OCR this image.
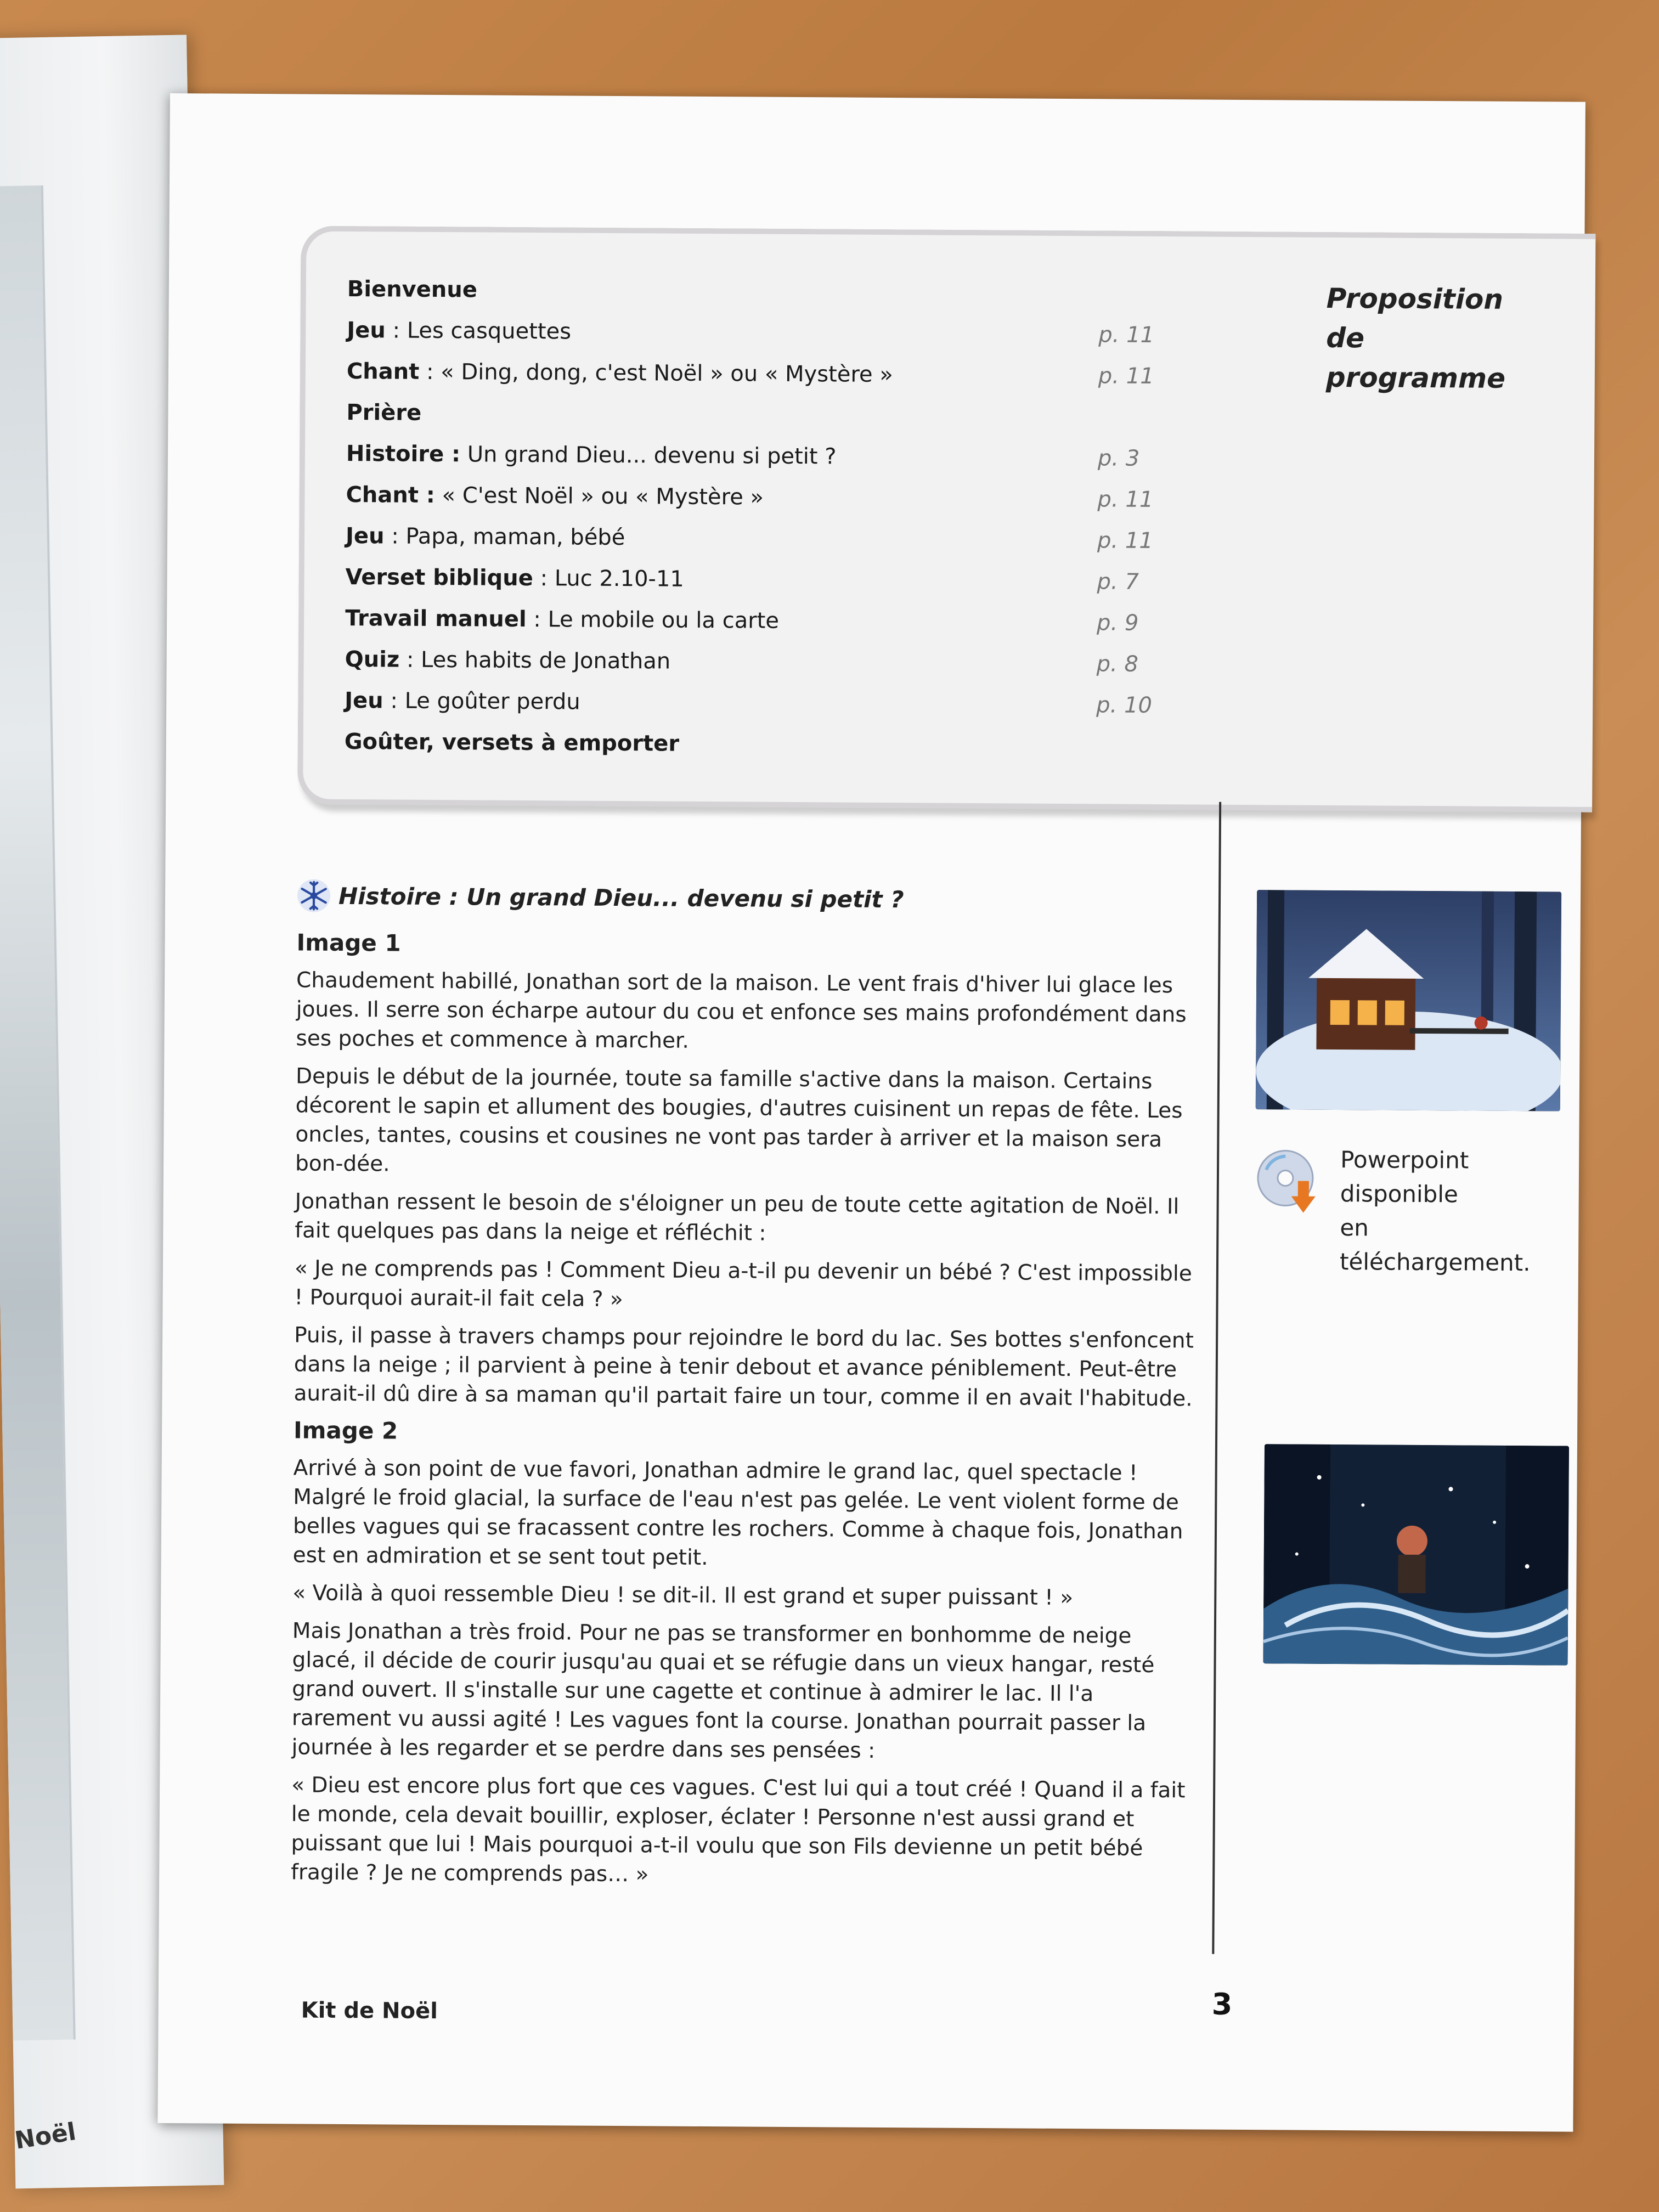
Noël
Bienvenue
Jeu : Les casquettes	p. 11
Chant : « Ding, dong, c'est Noël » ou « Mystère »	p. 11
Prière
Histoire : Un grand Dieu... devenu si petit ?	p. 3
Chant : « C'est Noël » ou « Mystère »	p. 11
Jeu : Papa, maman, bébé	p. 11
Verset biblique : Luc 2.10-11	p. 7
Travail manuel : Le mobile ou la carte	p. 9
Quiz : Les habits de Jonathan	p. 8
Jeu : Le goûter perdu	p. 10
Goûter, versets à emporter
Proposition
de programme
Histoire : Un grand Dieu... devenu si petit ?
Image 1

Chaudement habillé, Jonathan sort de la maison. Le vent frais d'hiver lui glace les joues. Il serre son écharpe autour du cou et enfonce ses mains profondément dans ses poches et commence à marcher.

Depuis le début de la journée, toute sa famille s'active dans la maison. Certains décorent le sapin et allument des bougies, d'autres cuisinent un repas de fête. Les oncles, tantes, cousins et cousines ne vont pas tarder à arriver et la maison sera bon-dée.

Jonathan ressent le besoin de s'éloigner un peu de toute cette agitation de Noël. Il fait quelques pas dans la neige et réfléchit :

« Je ne comprends pas ! Comment Dieu a-t-il pu devenir un bébé ? C'est impossible ! Pourquoi aurait-il fait cela ? »

Puis, il passe à travers champs pour rejoindre le bord du lac. Ses bottes s'enfoncent dans la neige ; il parvient à peine à tenir debout et avance péniblement. Peut-être aurait-il dû dire à sa maman qu'il partait faire un tour, comme il en avait l'habitude.

Image 2

Arrivé à son point de vue favori, Jonathan admire le grand lac, quel spectacle ! Malgré le froid glacial, la surface de l'eau n'est pas gelée. Le vent violent forme de belles vagues qui se fracassent contre les rochers. Comme à chaque fois, Jonathan est en admiration et se sent tout petit.

« Voilà à quoi ressemble Dieu ! se dit-il. Il est grand et super puissant ! »

Mais Jonathan a très froid. Pour ne pas se transformer en bonhomme de neige glacé, il décide de courir jusqu'au quai et se réfugie dans un vieux hangar, resté grand ouvert. Il s'installe sur une cagette et continue à admirer le lac. Il l'a rarement vu aussi agité ! Les vagues font la course. Jonathan pourrait passer la journée à les regarder et se perdre dans ses pensées :

« Dieu est encore plus fort que ces vagues. C'est lui qui a tout créé ! Quand il a fait le monde, cela devait bouillir, exploser, éclater ! Personne n'est aussi grand et puissant que lui ! Mais pourquoi a-t-il voulu que son Fils devienne un petit bébé fragile ? Je ne comprends pas… »

Powerpoint disponible
en téléchargement.
Kit de Noël	3
